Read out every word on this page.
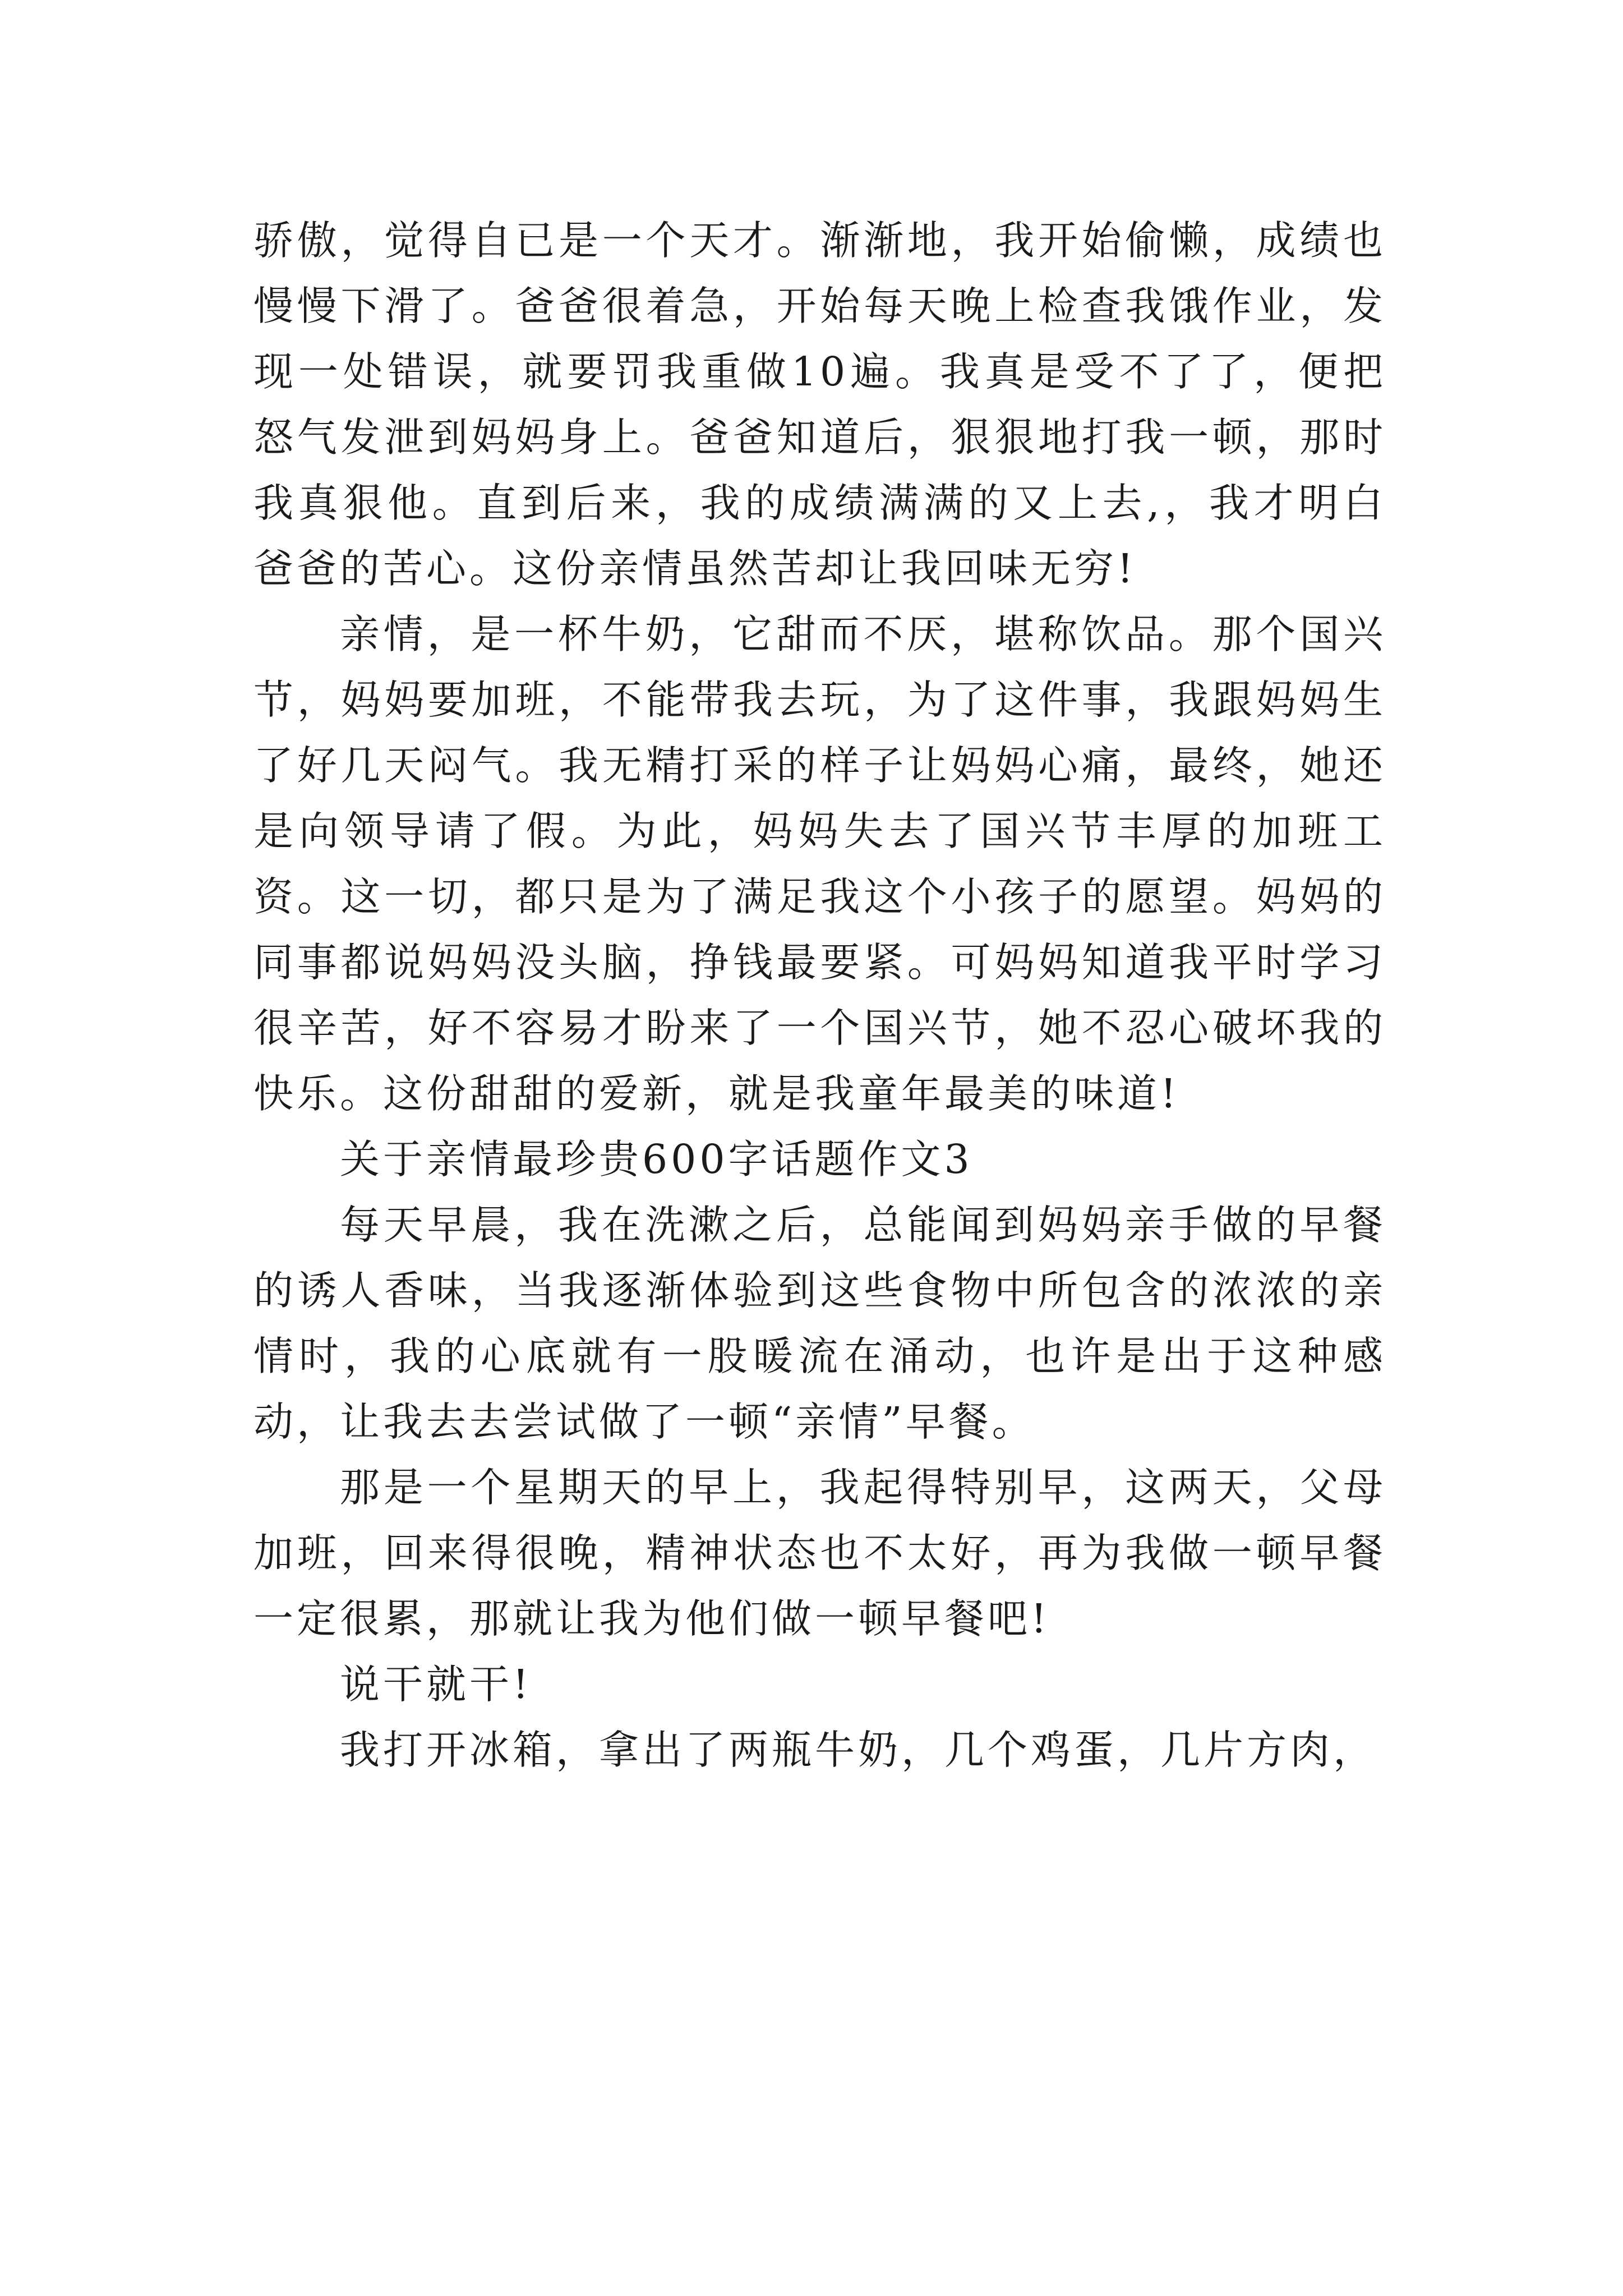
骄傲，觉得自已是一个天才。渐渐地，我开始偷懒，成绩也慢慢下滑了。爸爸很着急，开始每天晚上检查我饿作业，发现一处错误，就要罚我重做10遍。我真是受不了了，便把怒气发泄到妈妈身上。爸爸知道后，狠狠地打我一顿，那时我真狠他。直到后来，我的成绩满满的又上去,，我才明白爸爸的苦心。这份亲情虽然苦却让我回味无穷!

亲情，是一杯牛奶，它甜而不厌，堪称饮品。那个国兴节，妈妈要加班，不能带我去玩，为了这件事，我跟妈妈生了好几天闷气。我无精打采的样子让妈妈心痛，最终，她还是向领导请了假。为此，妈妈失去了国兴节丰厚的加班工资。这一切，都只是为了满足我这个小孩子的愿望。妈妈的同事都说妈妈没头脑，挣钱最要紧。可妈妈知道我平时学习很辛苦，好不容易才盼来了一个国兴节，她不忍心破坏我的快乐。这份甜甜的爱新，就是我童年最美的味道!

关于亲情最珍贵600字话题作文3

每天早晨，我在洗漱之后，总能闻到妈妈亲手做的早餐的诱人香味，当我逐渐体验到这些食物中所包含的浓浓的亲情时，我的心底就有一股暖流在涌动，也许是出于这种感动，让我去去尝试做了一顿“亲情”早餐。

那是一个星期天的早上，我起得特别早，这两天，父母加班，回来得很晚，精神状态也不太好，再为我做一顿早餐一定很累，那就让我为他们做一顿早餐吧!

说干就干!

我打开冰箱，拿出了两瓶牛奶，几个鸡蛋，几片方肉，
